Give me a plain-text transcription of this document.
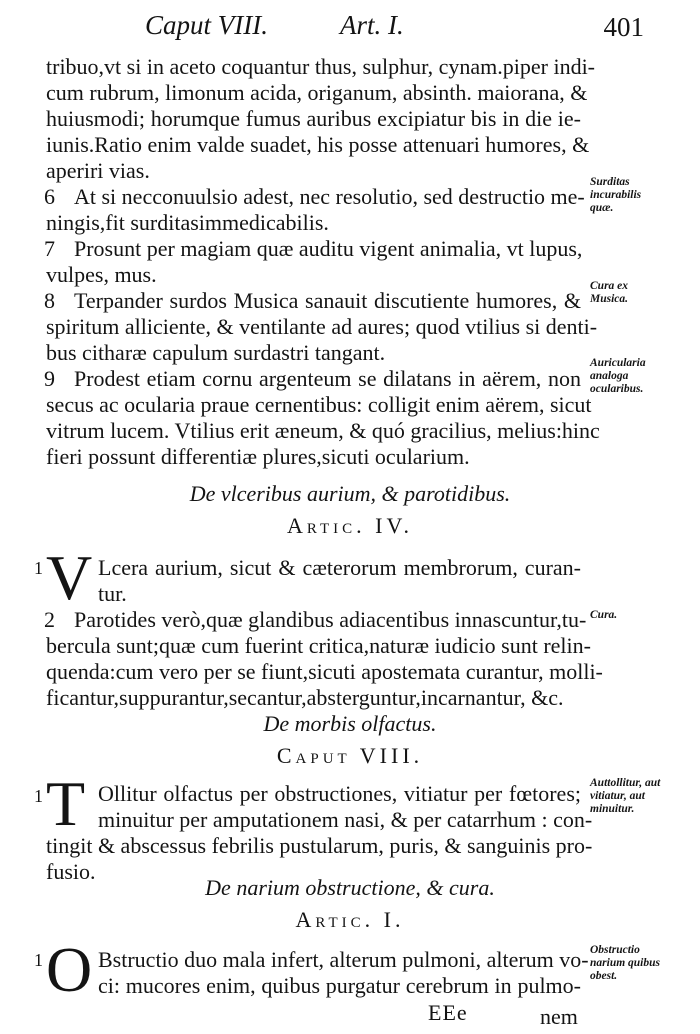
Caput VIII.	Art. I.	401
tribuo,vt si in aceto coquantur thus, sulphur, cynam.piper indi-
cum rubrum, limonum acida, origanum, absinth. maiorana, &
huiusmodi; horumque fumus auribus excipiatur bis in die ie-
iunis.Ratio enim valde suadet, his posse attenuari humores, &
aperiri vias.
6 At si necconuulsio adest, nec resolutio, sed destructio me-
ningis,fit surditasimmedicabilis.
7 Prosunt per magiam quæ auditu vigent animalia, vt lupus,
vulpes, mus.
8 Terpander surdos Musica sanauit discutiente humores, &
spiritum alliciente, & ventilante ad aures; quod vtilius si denti-
bus citharæ capulum surdastri tangant.
9 Prodest etiam cornu argenteum se dilatans in aërem, non
secus ac ocularia praue cernentibus: colligit enim aërem, sicut
vitrum lucem. Vtilius erit æneum, & quó gracilius, melius:hinc
fieri possunt differentiæ plures,sicuti ocularium.
1 V Lcera aurium, sicut & cæterorum membrorum, curan-
tur.
2 Parotides verò,quæ glandibus adiacentibus innascuntur,tu-
bercula sunt;quæ cum fuerint critica,naturæ iudicio sunt relin-
quenda:cum vero per se fiunt,sicuti apostemata curantur, molli-
ficantur,suppurantur,secantur,absterguntur,incarnantur, &c.
1 T Ollitur olfactus per obstructiones, vitiatur per fœtores;
minuitur per amputationem nasi, & per catarrhum : con-
tingit & abscessus febrilis pustularum, puris, & sanguinis pro-
fusio.
1 O Bstructio duo mala infert, alterum pulmoni, alterum vo-
ci: mucores enim, quibus purgatur cerebrum in pulmo-
De vlceribus aurium, & parotidibus.
Artic. IV.
De morbis olfactus.
Caput VIII.
De narium obstructione, & cura.
Artic. I.
Surditas incurabilis quæ.
Cura ex Musica.
Auricularia analoga ocularibus.
Cura.
Auttollitur, aut vitiatur, aut minuitur.
Obstructio narium quibus obest.
EEe	nem
